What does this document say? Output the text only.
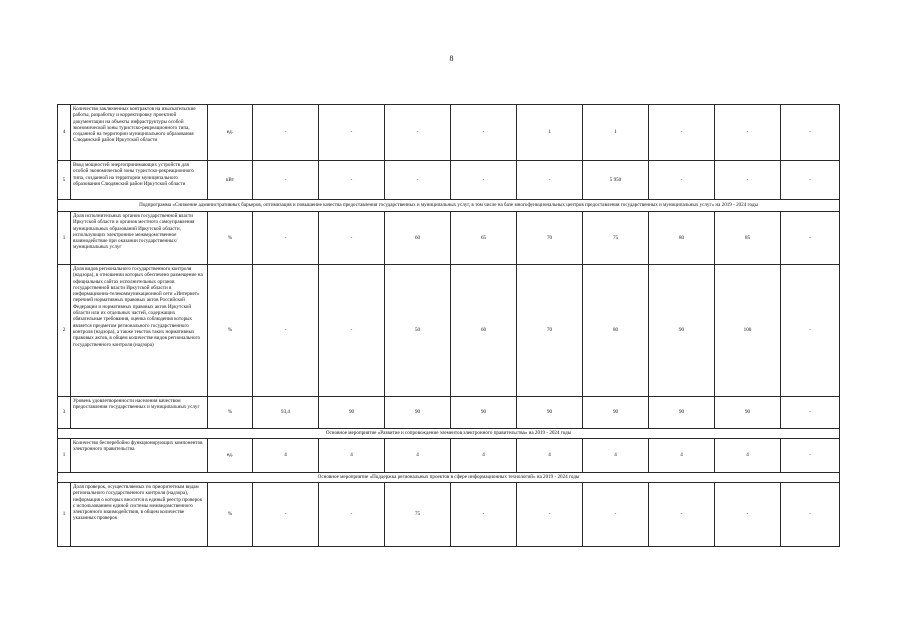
8
4	Количество заключенных контрактов на изыскательские работы, разработку и корректировку проектной документации на объекты инфраструктуры особой экономической зоны туристско-рекреационного типа, созданной на территории муниципального образования Слюдянский район Иркутской области	ед.	-	-	-	-	1	1	-	-	-
5	Ввод мощностей энергопринимающих устройств для особой экономической зоны туристско-рекреационного типа, созданной на территории муниципального образования Слюдянский район Иркутской области	кВт	-	-	-	-	-	5 950	-	-	-
Подпрограмма «Снижение административных барьеров, оптимизация и повышение качества предоставления государственных и муниципальных услуг, в том числе на базе многофункциональных центров предоставления государственных и муниципальных услуг» на 2019 - 2024 годы											
1	Доля исполнительных органов государственной власти Иркутской области и органов местного самоуправления муниципальных образований Иркутской области, использующих электронное межведомственное взаимодействие при оказании государственных/муниципальных услуг	%	-	-	60	65	70	75	80	85	-
2	Доля видов регионального государственного контроля (надзора), в отношении которых обеспечено размещение на официальных сайтах исполнительных органов государственной власти Иркутской области в информационно-телекоммуникационной сети «Интернет» перечней нормативных правовых актов Российской Федерации и нормативных правовых актов Иркутской области или их отдельных частей, содержащих обязательные требования, оценка соблюдения которых является предметом регионального государственного контроля (надзора), а также текстов таких нормативных правовых актов, в общем количестве видов регионального государственного контроля (надзора)	%	-	-	50	60	70	80	90	100	-
3	Уровень удовлетворенности населения качеством предоставления государственных и муниципальных услуг	%	93,4	90	90	90	90	90	90	90	-
Основное мероприятие «Развитие и сопровождение элементов электронного правительства» на 2019 - 2024 годы											
1	Количество бесперебойно функционирующих компонентов электронного правительства	ед.	4	4	4	4	4	4	4	4	-
Основное мероприятие «Поддержка региональных проектов в сфере информационных технологий» на 2019 - 2024 годы											
1	Доля проверок, осуществляемых по приоритетным видам регионального государственного контроля (надзора), информация о которых вносится в единый реестр проверок с использованием единой системы межведомственного электронного взаимодействия, в общем количестве указанных проверок	%	-	-	75	-	-	-	-	-	-
